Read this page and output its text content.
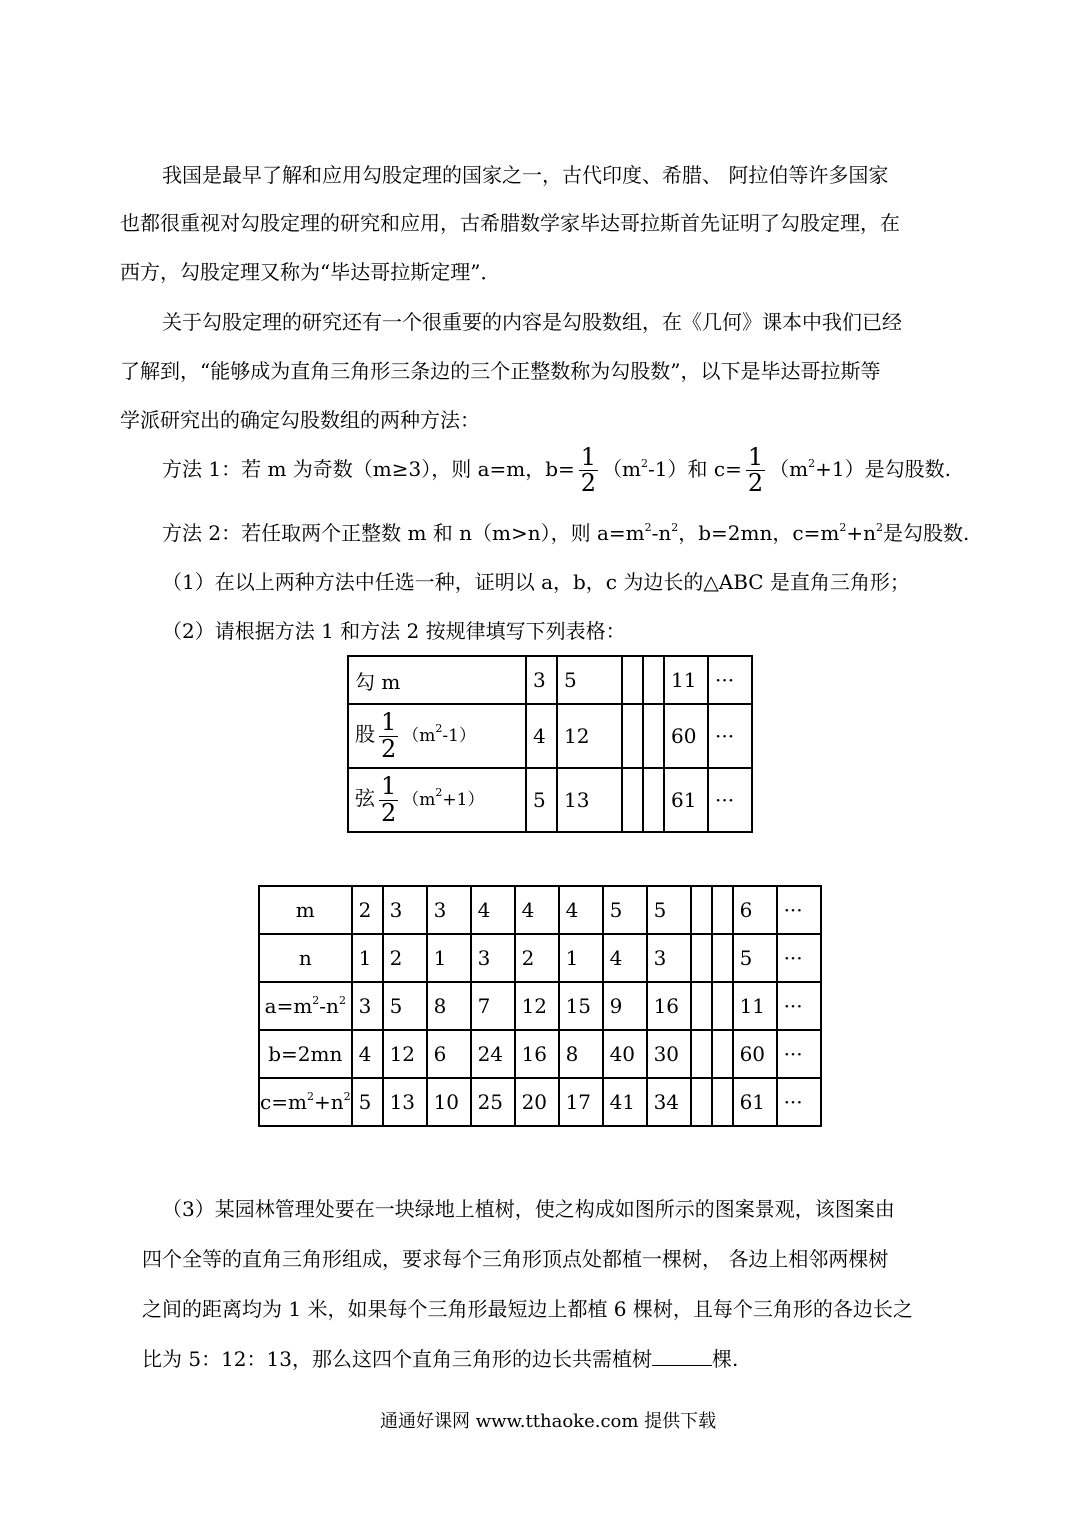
我国是最早了解和应用勾股定理的国家之一，古代印度、希腊、 阿拉伯等许多国家
也都很重视对勾股定理的研究和应用，古希腊数学家毕达哥拉斯首先证明了勾股定理，在
西方，勾股定理又称为“毕达哥拉斯定理”．
关于勾股定理的研究还有一个很重要的内容是勾股数组，在《几何》课本中我们已经
了解到，“能够成为直角三角形三条边的三个正整数称为勾股数”，以下是毕达哥拉斯等
学派研究出的确定勾股数组的两种方法：
方法 1：若 m 为奇数（m≥3），则 a=m，$b= \frac{1}{2} (m^2-1)$和 $c= \frac{1}{2} (m^2+1)$是勾股数.
方法 2：若任取两个正整数 m 和 n（m>n），则 $a=m^2-n^2$，b=2mn，$c=m^2+n^2$是勾股数.
（1）在以上两种方法中任选一种，证明以 a，b，c 为边长的△ABC 是直角三角形；
（2）请根据方法 1 和方法 2 按规律填写下列表格：
勾 m	3	5			11	···
股 $\frac{1}{2} (m^2-1)$	4	12			60	···
弦 $\frac{1}{2} (m^2+1)$	5	13			61	···
m	2	3	3	4	4	4	5	5			6	···
n	1	2	1	3	2	1	4	3			5	···
$a=m^2-n^2$	3	5	8	7	12	15	9	16			11	···
b=2mn	4	12	6	24	16	8	40	30			60	···
$c=m^2+n^2$	5	13	10	25	20	17	41	34			61	···
（3）某园林管理处要在一块绿地上植树，使之构成如图所示的图案景观，该图案由
四个全等的直角三角形组成，要求每个三角形顶点处都植一棵树， 各边上相邻两棵树
之间的距离均为 1 米，如果每个三角形最短边上都植 6 棵树，且每个三角形的各边长之
比为 5：12：13，那么这四个直角三角形的边长共需植树	棵.
通通好课网 www.tthaoke.com 提供下载
